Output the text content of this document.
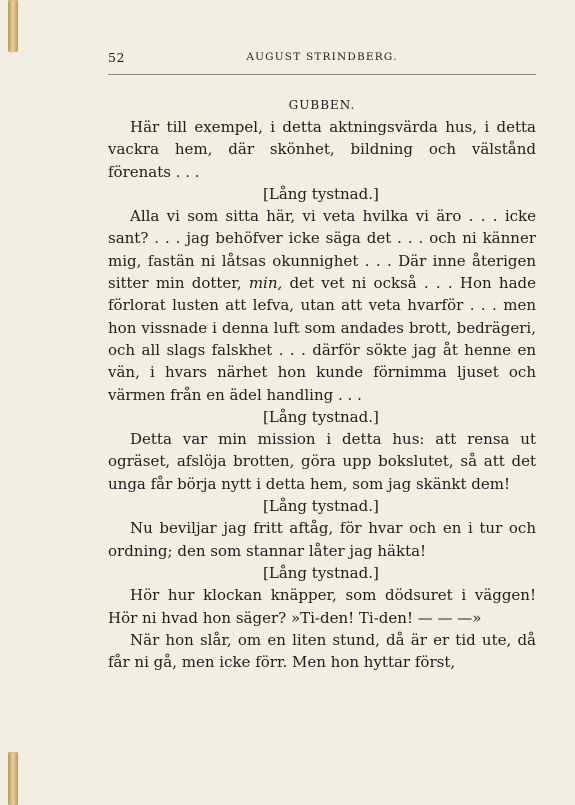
52	AUGUST STRINDBERG.
GUBBEN.

Här till exempel, i detta aktningsvärda hus, i detta vackra hem, där skönhet, bildning och välstånd förenats . . .

[Lång tystnad.]

Alla vi som sitta här, vi veta hvilka vi äro . . . icke sant? . . . jag behöfver icke säga det . . . och ni känner mig, fastän ni låtsas okunnighet . . . Där inne återigen sitter min dotter, min, det vet ni också . . . Hon hade förlorat lusten att lefva, utan att veta hvarför . . . men hon vissnade i denna luft som andades brott, bedrägeri, och all slags falskhet . . . därför sökte jag åt henne en vän, i hvars närhet hon kunde förnimma ljuset och värmen från en ädel handling . . .

[Lång tystnad.]

Detta var min mission i detta hus: att rensa ut ogräset, afslöja brotten, göra upp bokslutet, så att det unga får börja nytt i detta hem, som jag skänkt dem!

[Lång tystnad.]

Nu beviljar jag fritt aftåg, för hvar och en i tur och ordning; den som stannar låter jag häkta!

[Lång tystnad.]

Hör hur klockan knäpper, som dödsuret i väggen! Hör ni hvad hon säger? »Ti-den! Ti-den! — — —»

När hon slår, om en liten stund, då är er tid ute, då får ni gå, men icke förr. Men hon hyttar först,
